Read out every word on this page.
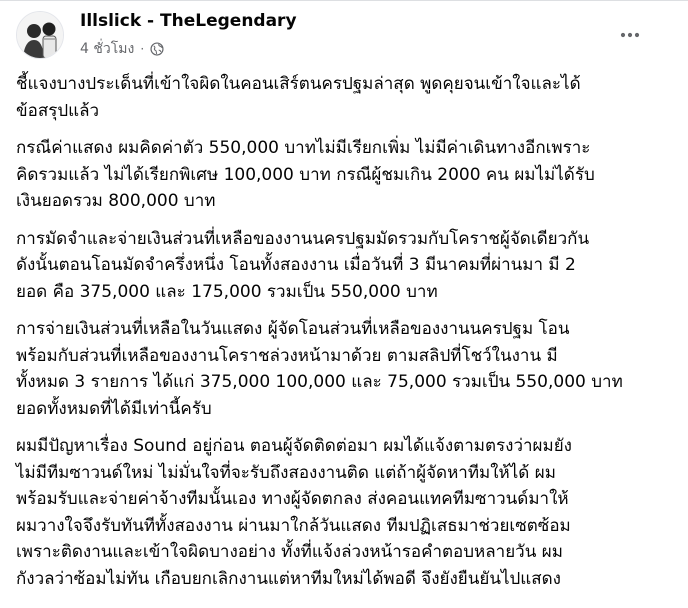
Illslick - TheLegendary
4 ชั่วโมง ·

ชี้แจงบางประเด็นที่เข้าใจผิดในคอนเสิร์ตนครปฐมล่าสุด พูดคุยจนเข้าใจและได้
ข้อสรุปแล้ว

กรณีค่าแสดง ผมคิดค่าตัว 550,000 บาทไม่มีเรียกเพิ่ม ไม่มีค่าเดินทางอีกเพราะ
คิดรวมแล้ว ไม่ได้เรียกพิเศษ 100,000 บาท กรณีผู้ชมเกิน 2000 คน ผมไม่ได้รับ
เงินยอดรวม 800,000 บาท

การมัดจำและจ่ายเงินส่วนที่เหลือของงานนครปฐมมัดรวมกับโคราชผู้จัดเดียวกัน
ดังนั้นตอนโอนมัดจำครึ่งหนึ่ง โอนทั้งสองงาน เมื่อวันที่ 3 มีนาคมที่ผ่านมา มี 2
ยอด คือ 375,000 และ 175,000 รวมเป็น 550,000 บาท

การจ่ายเงินส่วนที่เหลือในวันแสดง ผู้จัดโอนส่วนที่เหลือของงานนครปฐม โอน
พร้อมกับส่วนที่เหลือของงานโคราชล่วงหน้ามาด้วย ตามสลิปที่โชว์ในงาน มี
ทั้งหมด 3 รายการ ได้แก่ 375,000 100,000 และ 75,000 รวมเป็น 550,000 บาท
ยอดทั้งหมดที่ได้มีเท่านี้ครับ

ผมมีปัญหาเรื่อง Sound อยู่ก่อน ตอนผู้จัดติดต่อมา ผมได้แจ้งตามตรงว่าผมยัง
ไม่มีทีมซาวนด์ใหม่ ไม่มั่นใจที่จะรับถึงสองงานติด แต่ถ้าผู้จัดหาทีมให้ได้ ผม
พร้อมรับและจ่ายค่าจ้างทีมนั้นเอง ทางผู้จัดตกลง ส่งคอนแทคทีมซาวนด์มาให้
ผมวางใจจึงรับทันทีทั้งสองงาน ผ่านมาใกล้วันแสดง ทีมปฏิเสธมาช่วยเซตซ้อม
เพราะติดงานและเข้าใจผิดบางอย่าง ทั้งที่แจ้งล่วงหน้ารอคำตอบหลายวัน ผม
กังวลว่าซ้อมไม่ทัน เกือบยกเลิกงานแต่หาทีมใหม่ได้พอดี จึงยังยืนยันไปแสดง
